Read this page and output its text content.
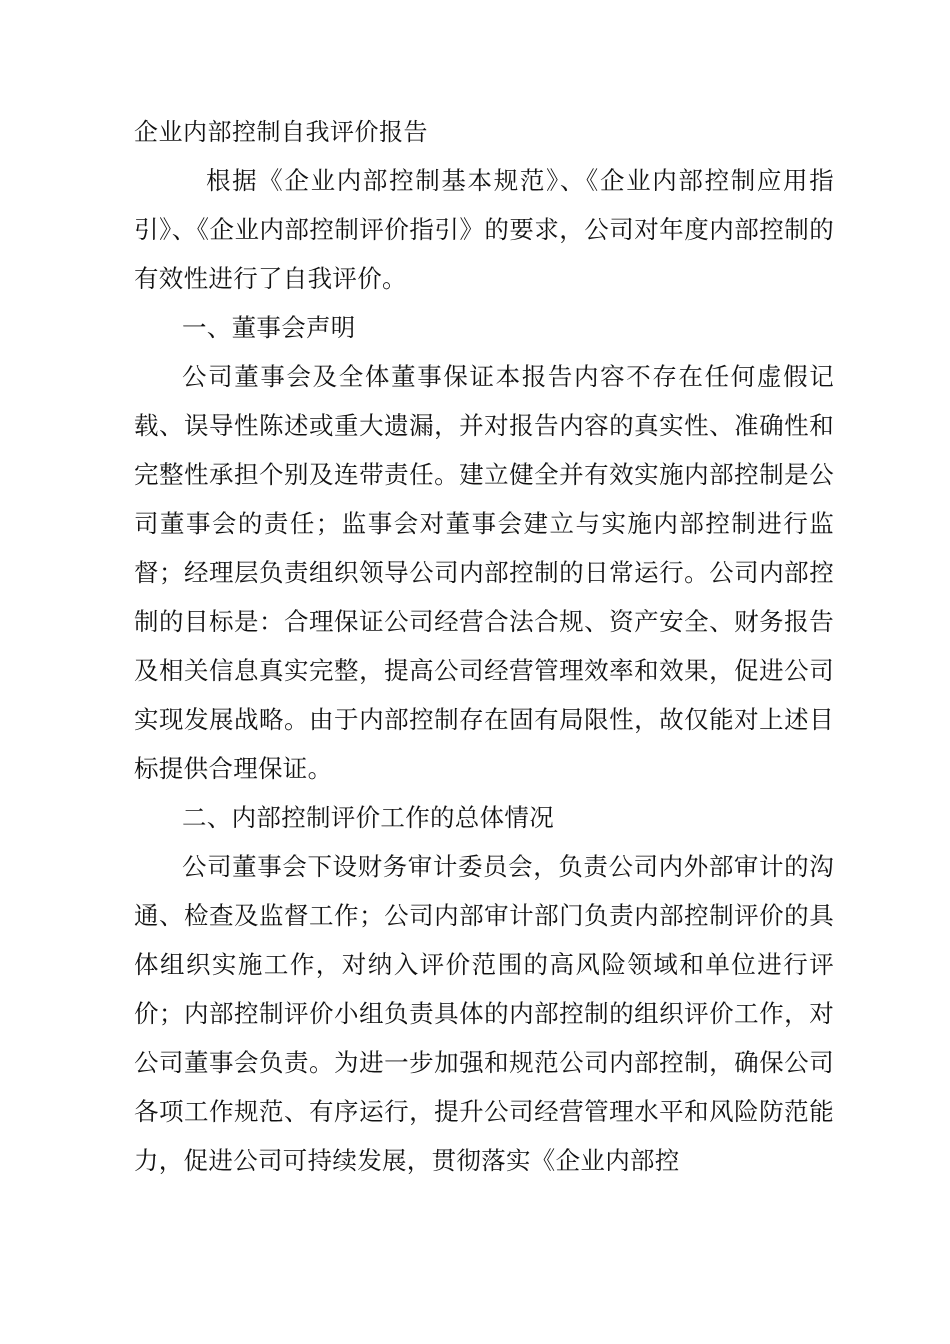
企业内部控制自我评价报告

根据《企业内部控制基本规范》、《企业内部控制应用指引》、《企业内部控制评价指引》的要求，公司对年度内部控制的有效性进行了自我评价。

一、董事会声明

公司董事会及全体董事保证本报告内容不存在任何虚假记载、误导性陈述或重大遗漏，并对报告内容的真实性、准确性和完整性承担个别及连带责任。建立健全并有效实施内部控制是公司董事会的责任；监事会对董事会建立与实施内部控制进行监督；经理层负责组织领导公司内部控制的日常运行。公司内部控制的目标是：合理保证公司经营合法合规、资产安全、财务报告及相关信息真实完整，提高公司经营管理效率和效果，促进公司实现发展战略。由于内部控制存在固有局限性，故仅能对上述目标提供合理保证。

二、内部控制评价工作的总体情况

公司董事会下设财务审计委员会，负责公司内外部审计的沟通、检查及监督工作；公司内部审计部门负责内部控制评价的具体组织实施工作，对纳入评价范围的高风险领域和单位进行评价；内部控制评价小组负责具体的内部控制的组织评价工作，对公司董事会负责。为进一步加强和规范公司内部控制，确保公司各项工作规范、有序运行，提升公司经营管理水平和风险防范能力，促进公司可持续发展，贯彻落实《企业内部控
